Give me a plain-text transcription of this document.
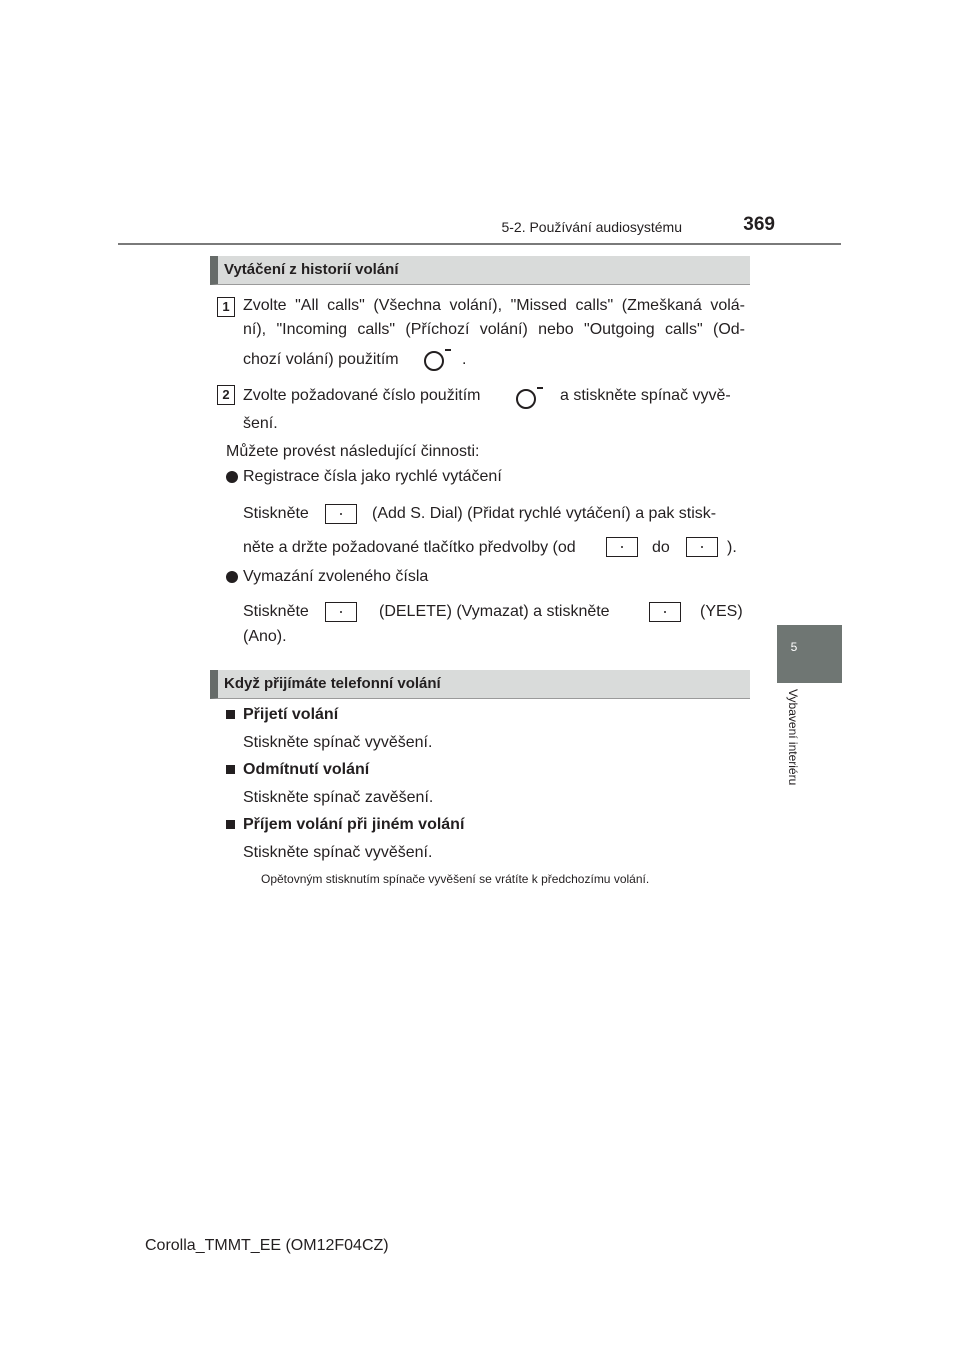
5-2. Používání audiosystému	369
5
Vybavení interiéru
Vytáčení z historií volání
1 Zvolte "All calls" (Všechna volání), "Missed calls" (Zmeškaná volá-
ní), "Incoming calls" (Příchozí volání) nebo "Outgoing calls" (Od-
chozí volání) použitím	.
2 Zvolte požadované číslo použitím	a stiskněte spínač vyvě-
šení.
Můžete provést následující činnosti:
Registrace čísla jako rychlé vytáčení
Stiskněte	(Add S. Dial) (Přidat rychlé vytáčení) a pak stisk-
něte a držte požadované tlačítko předvolby (od	do	).
Vymazání zvoleného čísla
Stiskněte	(DELETE) (Vymazat) a stiskněte	(YES)
(Ano).
Když přijímáte telefonní volání
Přijetí volání
Stiskněte spínač vyvěšení.
Odmítnutí volání
Stiskněte spínač zavěšení.
Příjem volání při jiném volání
Stiskněte spínač vyvěšení.
Opětovným stisknutím spínače vyvěšení se vrátíte k předchozímu volání.
Corolla_TMMT_EE (OM12F04CZ)
